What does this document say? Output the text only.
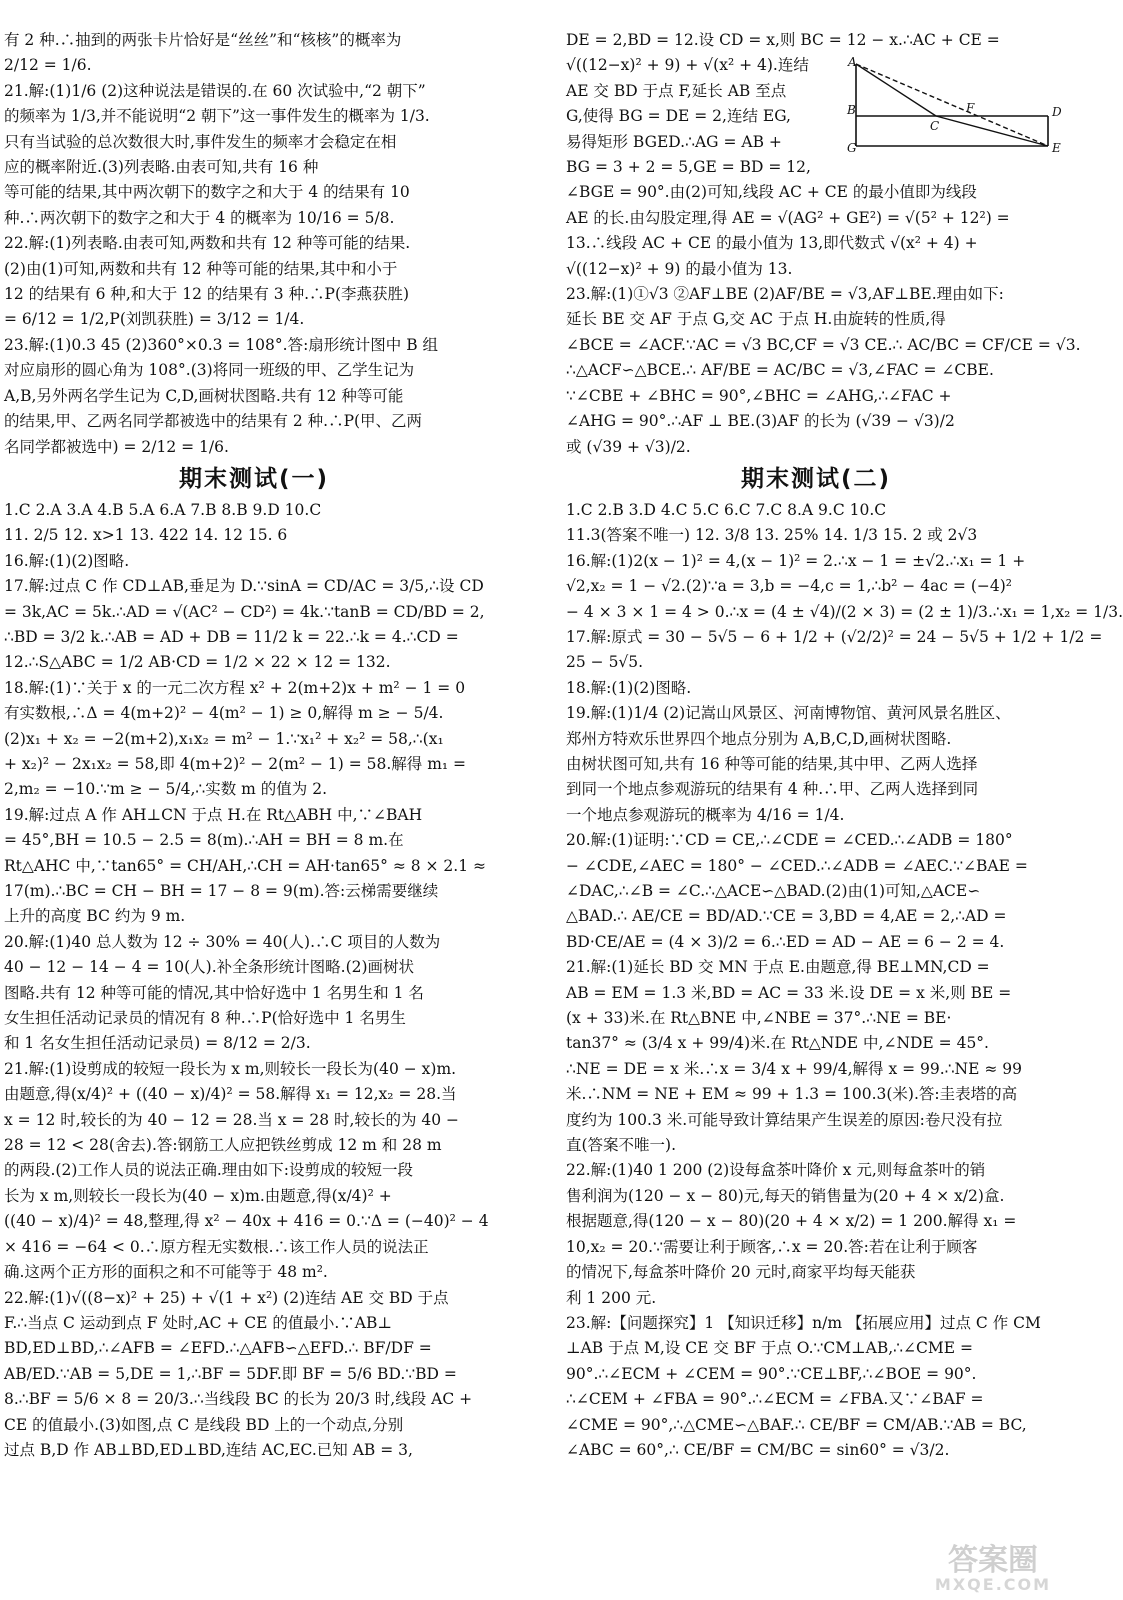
有 2 种.∴抽到的两张卡片恰好是“丝丝”和“核核”的概率为
2/12 = 1/6.
21.解:(1)1/6 (2)这种说法是错误的.在 60 次试验中,“2 朝下”
的频率为 1/3,并不能说明“2 朝下”这一事件发生的概率为 1/3.
只有当试验的总次数很大时,事件发生的频率才会稳定在相
应的概率附近.(3)列表略.由表可知,共有 16 种
等可能的结果,其中两次朝下的数字之和大于 4 的结果有 10
种.∴两次朝下的数字之和大于 4 的概率为 10/16 = 5/8.
22.解:(1)列表略.由表可知,两数和共有 12 种等可能的结果.
(2)由(1)可知,两数和共有 12 种等可能的结果,其中和小于
12 的结果有 6 种,和大于 12 的结果有 3 种.∴P(李燕获胜)
= 6/12 = 1/2,P(刘凯获胜) = 3/12 = 1/4.
23.解:(1)0.3 45 (2)360°×0.3 = 108°.答:扇形统计图中 B 组
对应扇形的圆心角为 108°.(3)将同一班级的甲、乙学生记为
A,B,另外两名学生记为 C,D,画树状图略.共有 12 种等可能
的结果,甲、乙两名同学都被选中的结果有 2 种.∴P(甲、乙两
名同学都被选中) = 2/12 = 1/6.
期末测试(一)
1.C 2.A 3.A 4.B 5.A 6.A 7.B 8.B 9.D 10.C
11. 2/5 12. x>1 13. 422 14. 12 15. 6
16.解:(1)(2)图略.
17.解:过点 C 作 CD⊥AB,垂足为 D.∵sinA = CD/AC = 3/5,∴设 CD
= 3k,AC = 5k.∴AD = √(AC² − CD²) = 4k.∵tanB = CD/BD = 2,
∴BD = 3/2 k.∴AB = AD + DB = 11/2 k = 22.∴k = 4.∴CD =
12.∴S△ABC = 1/2 AB·CD = 1/2 × 22 × 12 = 132.
18.解:(1)∵关于 x 的一元二次方程 x² + 2(m+2)x + m² − 1 = 0
有实数根,∴Δ = 4(m+2)² − 4(m² − 1) ≥ 0,解得 m ≥ − 5/4.
(2)x₁ + x₂ = −2(m+2),x₁x₂ = m² − 1.∵x₁² + x₂² = 58,∴(x₁
+ x₂)² − 2x₁x₂ = 58,即 4(m+2)² − 2(m² − 1) = 58.解得 m₁ =
2,m₂ = −10.∵m ≥ − 5/4,∴实数 m 的值为 2.
19.解:过点 A 作 AH⊥CN 于点 H.在 Rt△ABH 中,∵∠BAH
= 45°,BH = 10.5 − 2.5 = 8(m).∴AH = BH = 8 m.在
Rt△AHC 中,∵tan65° = CH/AH,∴CH = AH·tan65° ≈ 8 × 2.1 ≈
17(m).∴BC = CH − BH = 17 − 8 = 9(m).答:云梯需要继续
上升的高度 BC 约为 9 m.
20.解:(1)40 总人数为 12 ÷ 30% = 40(人).∴C 项目的人数为
40 − 12 − 14 − 4 = 10(人).补全条形统计图略.(2)画树状
图略.共有 12 种等可能的情况,其中恰好选中 1 名男生和 1 名
女生担任活动记录员的情况有 8 种.∴P(恰好选中 1 名男生
和 1 名女生担任活动记录员) = 8/12 = 2/3.
21.解:(1)设剪成的较短一段长为 x m,则较长一段长为(40 − x)m.
由题意,得(x/4)² + ((40 − x)/4)² = 58.解得 x₁ = 12,x₂ = 28.当
x = 12 时,较长的为 40 − 12 = 28.当 x = 28 时,较长的为 40 −
28 = 12 < 28(舍去).答:钢筋工人应把铁丝剪成 12 m 和 28 m
的两段.(2)工作人员的说法正确.理由如下:设剪成的较短一段
长为 x m,则较长一段长为(40 − x)m.由题意,得(x/4)² +
((40 − x)/4)² = 48,整理,得 x² − 40x + 416 = 0.∵Δ = (−40)² − 4
× 416 = −64 < 0.∴原方程无实数根.∴该工作人员的说法正
确.这两个正方形的面积之和不可能等于 48 m².
22.解:(1)√((8−x)² + 25) + √(1 + x²) (2)连结 AE 交 BD 于点
F.∴当点 C 运动到点 F 处时,AC + CE 的值最小.∵AB⊥
BD,ED⊥BD,∴∠AFB = ∠EFD.∴△AFB∽△EFD.∴ BF/DF =
AB/ED.∵AB = 5,DE = 1,∴BF = 5DF.即 BF = 5/6 BD.∵BD =
8.∴BF = 5/6 × 8 = 20/3.∴当线段 BC 的长为 20/3 时,线段 AC +
CE 的值最小.(3)如图,点 C 是线段 BD 上的一个动点,分别
过点 B,D 作 AB⊥BD,ED⊥BD,连结 AC,EC.已知 AB = 3,
DE = 2,BD = 12.设 CD = x,则 BC = 12 − x.∴AC + CE =
√((12−x)² + 9) + √(x² + 4).连结
AE 交 BD 于点 F,延长 AB 至点
G,使得 BG = DE = 2,连结 EG,
易得矩形 BGED.∴AG = AB +
BG = 3 + 2 = 5,GE = BD = 12,
∠BGE = 90°.由(2)可知,线段 AC + CE 的最小值即为线段
AE 的长.由勾股定理,得 AE = √(AG² + GE²) = √(5² + 12²) =
13.∴线段 AC + CE 的最小值为 13,即代数式 √(x² + 4) +
√((12−x)² + 9) 的最小值为 13.
23.解:(1)①√3 ②AF⊥BE (2)AF/BE = √3,AF⊥BE.理由如下:
延长 BE 交 AF 于点 G,交 AC 于点 H.由旋转的性质,得
∠BCE = ∠ACF.∵AC = √3 BC,CF = √3 CE.∴ AC/BC = CF/CE = √3.
∴△ACF∽△BCE.∴ AF/BE = AC/BC = √3,∠FAC = ∠CBE.
∵∠CBE + ∠BHC = 90°,∠BHC = ∠AHG,∴∠FAC +
∠AHG = 90°.∴AF ⊥ BE.(3)AF 的长为 (√39 − √3)/2
或 (√39 + √3)/2.
期末测试(二)
1.C 2.B 3.D 4.C 5.C 6.C 7.C 8.A 9.C 10.C
11.3(答案不唯一) 12. 3/8 13. 25% 14. 1/3 15. 2 或 2√3
16.解:(1)2(x − 1)² = 4,(x − 1)² = 2.∴x − 1 = ±√2.∴x₁ = 1 +
√2,x₂ = 1 − √2.(2)∵a = 3,b = −4,c = 1,∴b² − 4ac = (−4)²
− 4 × 3 × 1 = 4 > 0.∴x = (4 ± √4)/(2 × 3) = (2 ± 1)/3.∴x₁ = 1,x₂ = 1/3.
17.解:原式 = 30 − 5√5 − 6 + 1/2 + (√2/2)² = 24 − 5√5 + 1/2 + 1/2 =
25 − 5√5.
18.解:(1)(2)图略.
19.解:(1)1/4 (2)记嵩山风景区、河南博物馆、黄河风景名胜区、
郑州方特欢乐世界四个地点分别为 A,B,C,D,画树状图略.
由树状图可知,共有 16 种等可能的结果,其中甲、乙两人选择
到同一个地点参观游玩的结果有 4 种.∴甲、乙两人选择到同
一个地点参观游玩的概率为 4/16 = 1/4.
20.解:(1)证明:∵CD = CE,∴∠CDE = ∠CED.∴∠ADB = 180°
− ∠CDE,∠AEC = 180° − ∠CED.∴∠ADB = ∠AEC.∵∠BAE =
∠DAC,∴∠B = ∠C.∴△ACE∽△BAD.(2)由(1)可知,△ACE∽
△BAD.∴ AE/CE = BD/AD.∵CE = 3,BD = 4,AE = 2,∴AD =
BD·CE/AE = (4 × 3)/2 = 6.∴ED = AD − AE = 6 − 2 = 4.
21.解:(1)延长 BD 交 MN 于点 E.由题意,得 BE⊥MN,CD =
AB = EM = 1.3 米,BD = AC = 33 米.设 DE = x 米,则 BE =
(x + 33)米.在 Rt△BNE 中,∠NBE = 37°.∴NE = BE·
tan37° ≈ (3/4 x + 99/4)米.在 Rt△NDE 中,∠NDE = 45°.
∴NE = DE = x 米.∴x = 3/4 x + 99/4,解得 x = 99.∴NE ≈ 99
米.∴NM = NE + EM ≈ 99 + 1.3 = 100.3(米).答:圭表塔的高
度约为 100.3 米.可能导致计算结果产生误差的原因:卷尺没有拉
直(答案不唯一).
22.解:(1)40 1 200 (2)设每盒茶叶降价 x 元,则每盒茶叶的销
售利润为(120 − x − 80)元,每天的销售量为(20 + 4 × x/2)盒.
根据题意,得(120 − x − 80)(20 + 4 × x/2) = 1 200.解得 x₁ =
10,x₂ = 20.∵需要让利于顾客,∴x = 20.答:若在让利于顾客
的情况下,每盒茶叶降价 20 元时,商家平均每天能获
利 1 200 元.
23.解:【问题探究】1 【知识迁移】n/m 【拓展应用】过点 C 作 CM
⊥AB 于点 M,设 CE 交 BF 于点 O.∵CM⊥AB,∴∠CME =
90°.∴∠ECM + ∠CEM = 90°.∵CE⊥BF,∴∠BOE = 90°.
∴∠CEM + ∠FBA = 90°.∴∠ECM = ∠FBA.又∵∠BAF =
∠CME = 90°,∴△CME∽△BAF.∴ CE/BF = CM/AB.∵AB = BC,
∠ABC = 60°,∴ CE/BF = CM/BC = sin60° = √3/2.
A
B
C
F	D
G	E
答案圈
MXQE.COM
